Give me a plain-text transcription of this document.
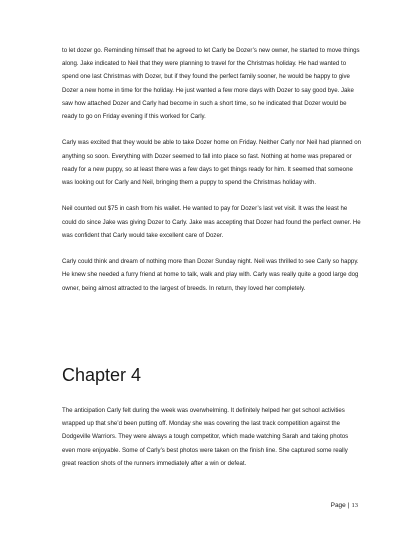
to let dozer go. Reminding himself that he agreed to let Carly be Dozer’s new owner, he started to move things along. Jake indicated to Neil that they were planning to travel for the Christmas holiday. He had wanted to spend one last Christmas with Dozer, but if they found the perfect family sooner, he would be happy to give Dozer a new home in time for the holiday. He just wanted a few more days with Dozer to say good bye. Jake saw how attached Dozer and Carly had become in such a short time, so he indicated that Dozer would be ready to go on Friday evening if this worked for Carly.

Carly was excited that they would be able to take Dozer home on Friday. Neither Carly nor Neil had planned on anything so soon. Everything with Dozer seemed to fall into place so fast. Nothing at home was prepared or ready for a new puppy, so at least there was a few days to get things ready for him. It seemed that someone was looking out for Carly and Neil, bringing them a puppy to spend the Christmas holiday with.

Neil counted out $75 in cash from his wallet. He wanted to pay for Dozer’s last vet visit. It was the least he could do since Jake was giving Dozer to Carly. Jake was accepting that Dozer had found the perfect owner. He was confident that Carly would take excellent care of Dozer.

Carly could think and dream of nothing more than Dozer Sunday night. Neil was thrilled to see Carly so happy. He knew she needed a furry friend at home to talk, walk and play with. Carly was really quite a good large dog owner, being almost attracted to the largest of breeds. In return, they loved her completely.

Chapter 4

The anticipation Carly felt during the week was overwhelming. It definitely helped her get school activities wrapped up that she’d been putting off. Monday she was covering the last track competition against the Dodgeville Warriors. They were always a tough competitor, which made watching Sarah and taking photos even more enjoyable. Some of Carly’s best photos were taken on the finish line. She captured some really great reaction shots of the runners immediately after a win or defeat.

Page | 13
